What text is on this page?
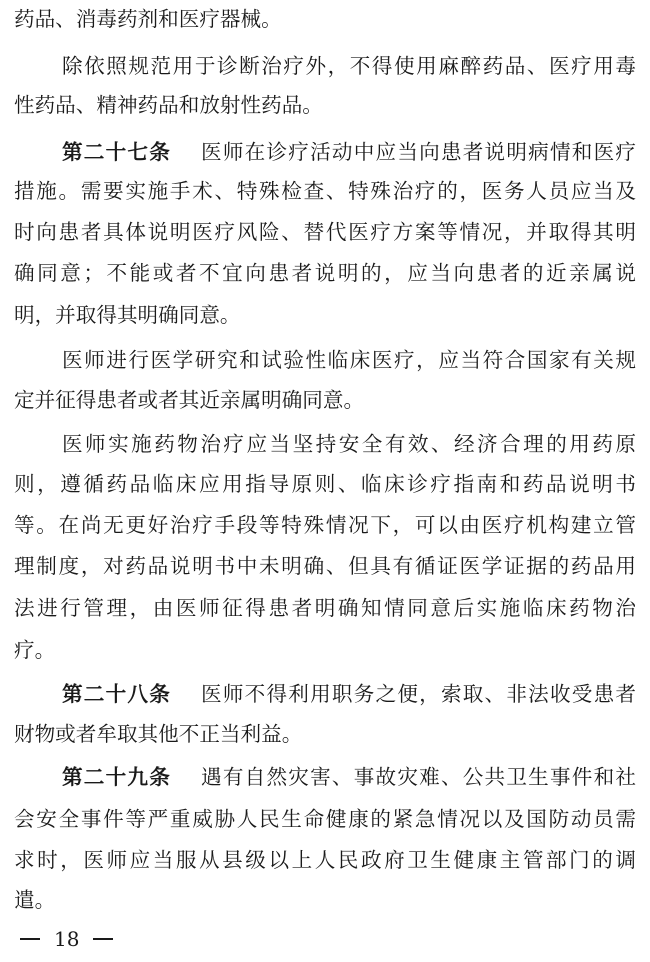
药品、消毒药剂和医疗器械。
除依照规范用于诊断治疗外，不得使用麻醉药品、医疗用毒
性药品、精神药品和放射性药品。
第二十七条 医师在诊疗活动中应当向患者说明病情和医疗
措施。需要实施手术、特殊检查、特殊治疗的，医务人员应当及
时向患者具体说明医疗风险、替代医疗方案等情况，并取得其明
确同意；不能或者不宜向患者说明的，应当向患者的近亲属说
明，并取得其明确同意。
医师进行医学研究和试验性临床医疗，应当符合国家有关规
定并征得患者或者其近亲属明确同意。
医师实施药物治疗应当坚持安全有效、经济合理的用药原
则，遵循药品临床应用指导原则、临床诊疗指南和药品说明书
等。在尚无更好治疗手段等特殊情况下，可以由医疗机构建立管
理制度，对药品说明书中未明确、但具有循证医学证据的药品用
法进行管理，由医师征得患者明确知情同意后实施临床药物治
疗。
第二十八条 医师不得利用职务之便，索取、非法收受患者
财物或者牟取其他不正当利益。
第二十九条 遇有自然灾害、事故灾难、公共卫生事件和社
会安全事件等严重威胁人民生命健康的紧急情况以及国防动员需
求时，医师应当服从县级以上人民政府卫生健康主管部门的调
遣。
18
